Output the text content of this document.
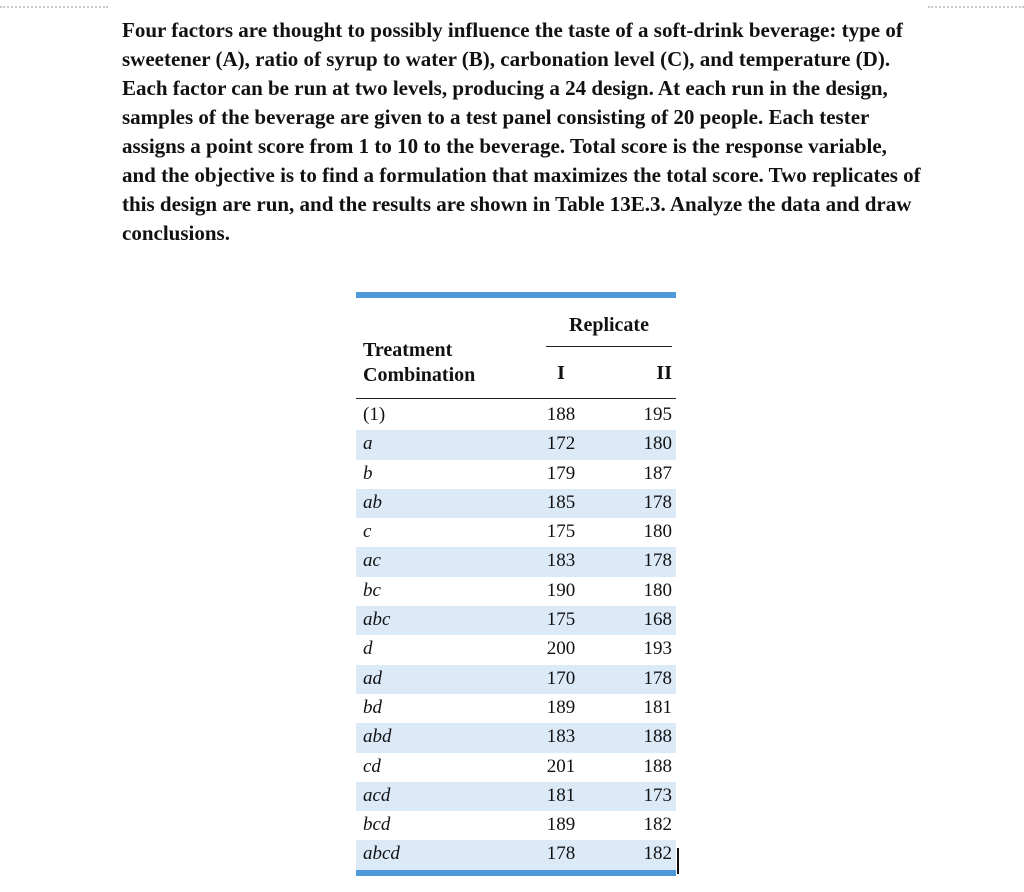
Four factors are thought to possibly influence the taste of a soft-drink beverage: type of sweetener (A), ratio of syrup to water (B), carbonation level (C), and temperature (D). Each factor can be run at two levels, producing a 24 design. At each run in the design, samples of the beverage are given to a test panel consisting of 20 people. Each tester assigns a point score from 1 to 10 to the beverage. Total score is the response variable, and the objective is to find a formulation that maximizes the total score. Two replicates of this design are run, and the results are shown in Table 13E.3. Analyze the data and draw conclusions.

Replicate
Treatment
Combination	I	II
(1)	188	195
a	172	180
b	179	187
ab	185	178
c	175	180
ac	183	178
bc	190	180
abc	175	168
d	200	193
ad	170	178
bd	189	181
abd	183	188
cd	201	188
acd	181	173
bcd	189	182
abcd	178	182
